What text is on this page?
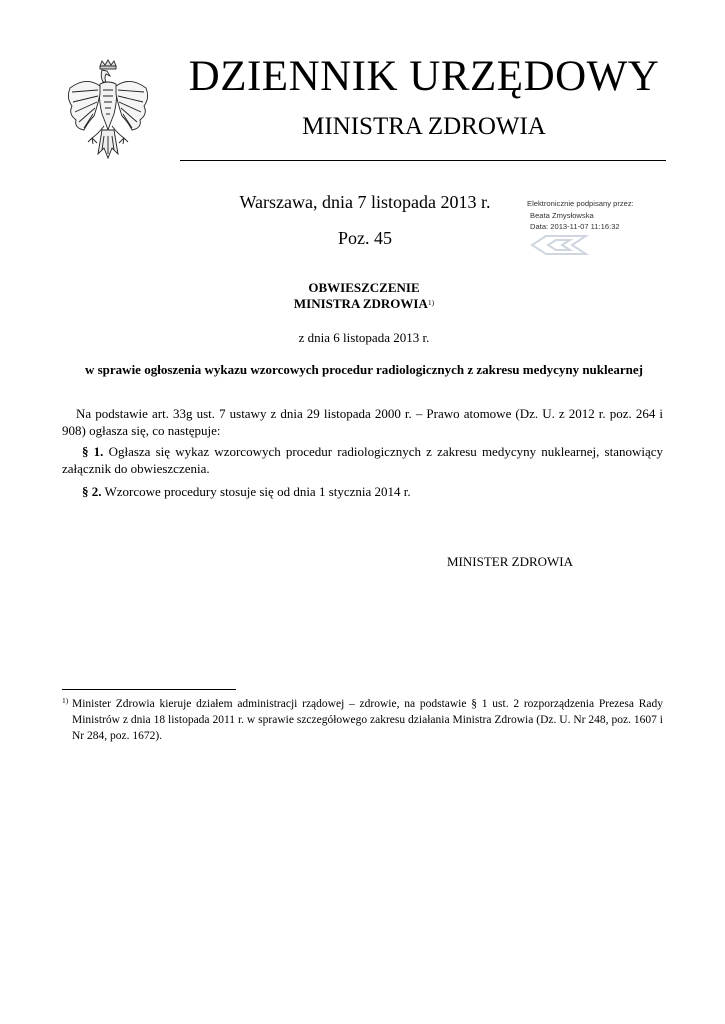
DZIENNIK URZĘDOWY
MINISTRA ZDROWIA
Warszawa, dnia 7 listopada 2013 r.
Poz. 45
Elektronicznie podpisany przez:
Beata Zmysłowska
Data: 2013-11-07 11:16:32
OBWIESZCZENIE
MINISTRA ZDROWIA$^{1)}$
z dnia 6 listopada 2013 r.
w sprawie ogłoszenia wykazu wzorcowych procedur radiologicznych z zakresu medycyny nuklearnej
Na podstawie art. 33g ust. 7 ustawy z dnia 29 listopada 2000 r. – Prawo atomowe (Dz. U. z 2012 r. poz. 264 i 908) ogłasza się, co następuje:
§ 1. Ogłasza się wykaz wzorcowych procedur radiologicznych z zakresu medycyny nuklearnej, stanowiący załącznik do obwieszczenia.
§ 2. Wzorcowe procedury stosuje się od dnia 1 stycznia 2014 r.
MINISTER ZDROWIA
1) Minister Zdrowia kieruje działem administracji rządowej – zdrowie, na podstawie § 1 ust. 2 rozporządzenia Prezesa Rady Ministrów z dnia 18 listopada 2011 r. w sprawie szczegółowego zakresu działania Ministra Zdrowia (Dz. U. Nr 248, poz. 1607 i Nr 284, poz. 1672).
